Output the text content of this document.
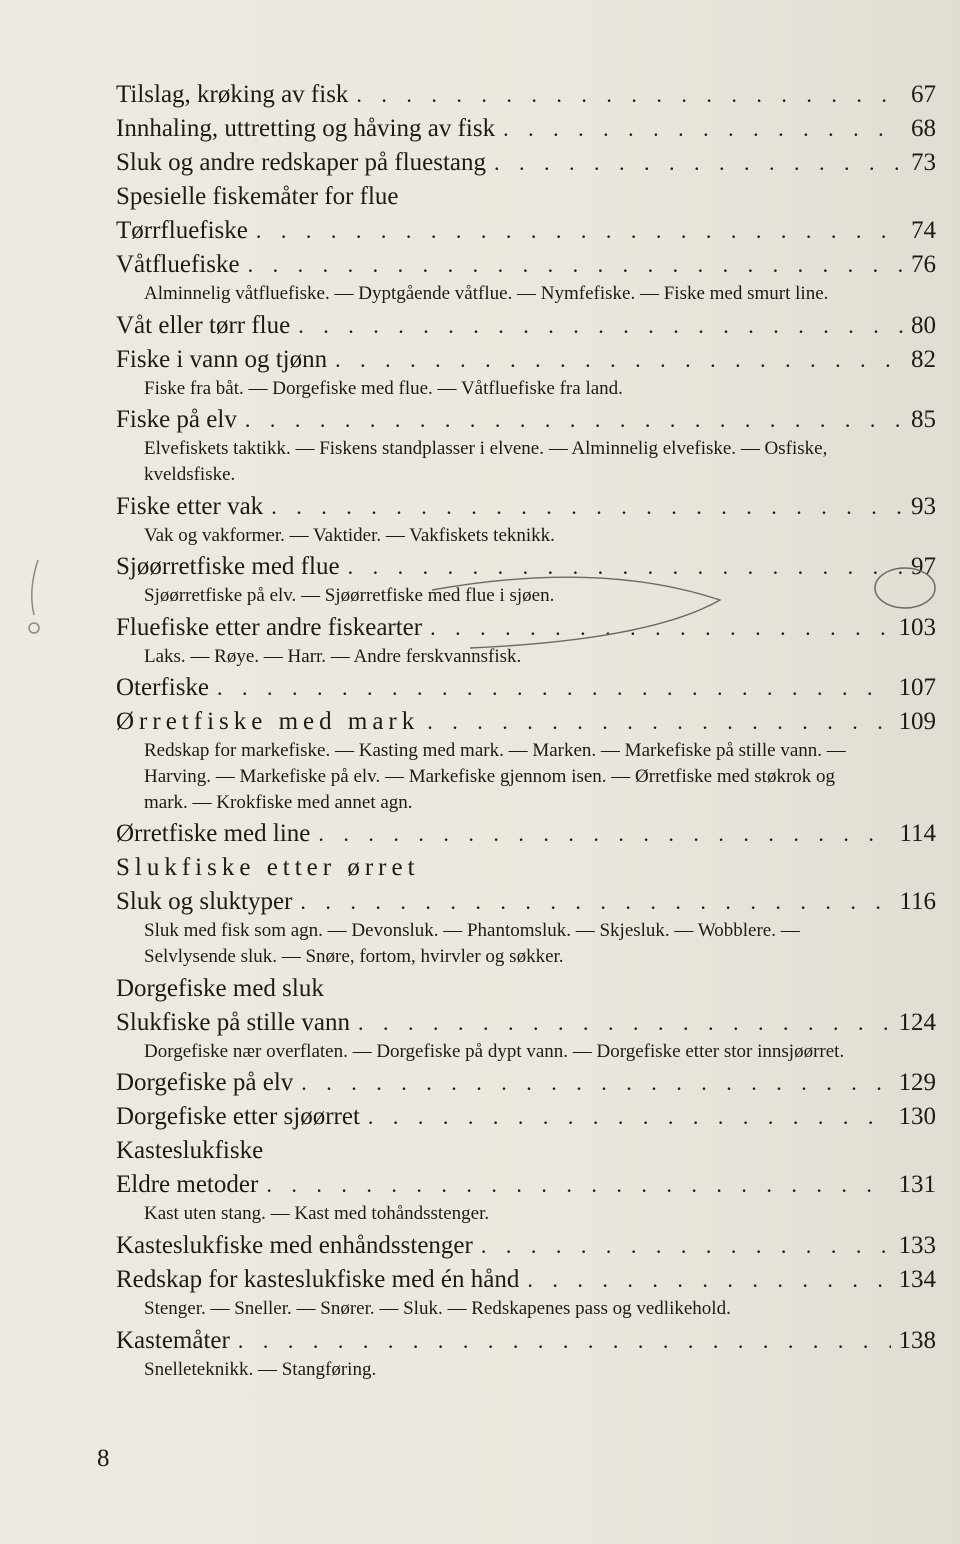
Tilslag, krøking av fisk . . .	67
Innhaling, uttretting og håving av fisk . . .	68
Sluk og andre redskaper på fluestang . . .	73
Spesielle fiskemåter for flue
Tørrfluefiske . . .	74
Våtfluefiske . . .	76
Alminnelig våtfluefiske. — Dyptgående våtflue. — Nymfefiske. — Fiske med smurt line.
Våt eller tørr flue . . .	80
Fiske i vann og tjønn . . .	82
Fiske fra båt. — Dorgefiske med flue. — Våtfluefiske fra land.
Fiske på elv . . .	85
Elvefiskets taktikk. — Fiskens standplasser i elvene. — Alminnelig elvefiske. — Osfiske, kveldsfiske.
Fiske etter vak . . .	93
Vak og vakformer. — Vaktider. — Vakfiskets teknikk.
Sjøørretfiske med flue . . .	97
Sjøørretfiske på elv. — Sjøørretfiske med flue i sjøen.
Fluefiske etter andre fiskearter . . .	103
Laks. — Røye. — Harr. — Andre ferskvannsfisk.
Oterfiske . . .	107
Ørretfiske med mark . . .	109
Redskap for markefiske. — Kasting med mark. — Marken. — Markefiske på stille vann. — Harving. — Markefiske på elv. — Markefiske gjennom isen. — Ørretfiske med støkrok og mark. — Krokfiske med annet agn.
Ørretfiske med line . . .	114
Slukfiske etter ørret
Sluk og sluktyper . . .	116
Sluk med fisk som agn. — Devonsluk. — Phantomsluk. — Skjesluk. — Wobblere. — Selvlysende sluk. — Snøre, fortom, hvirvler og søkker.
Dorgefiske med sluk
Slukfiske på stille vann . . .	124
Dorgefiske nær overflaten. — Dorgefiske på dypt vann. — Dorgefiske etter stor innsjøørret.
Dorgefiske på elv . . .	129
Dorgefiske etter sjøørret . . .	130
Kasteslukfiske
Eldre metoder . . .	131
Kast uten stang. — Kast med tohåndsstenger.
Kasteslukfiske med enhåndsstenger . . .	133
Redskap for kasteslukfiske med én hånd . . .	134
Stenger. — Sneller. — Snører. — Sluk. — Redskapenes pass og vedlikehold.
Kastemåter . . .	138
Snelleteknikk. — Stangføring.
8
